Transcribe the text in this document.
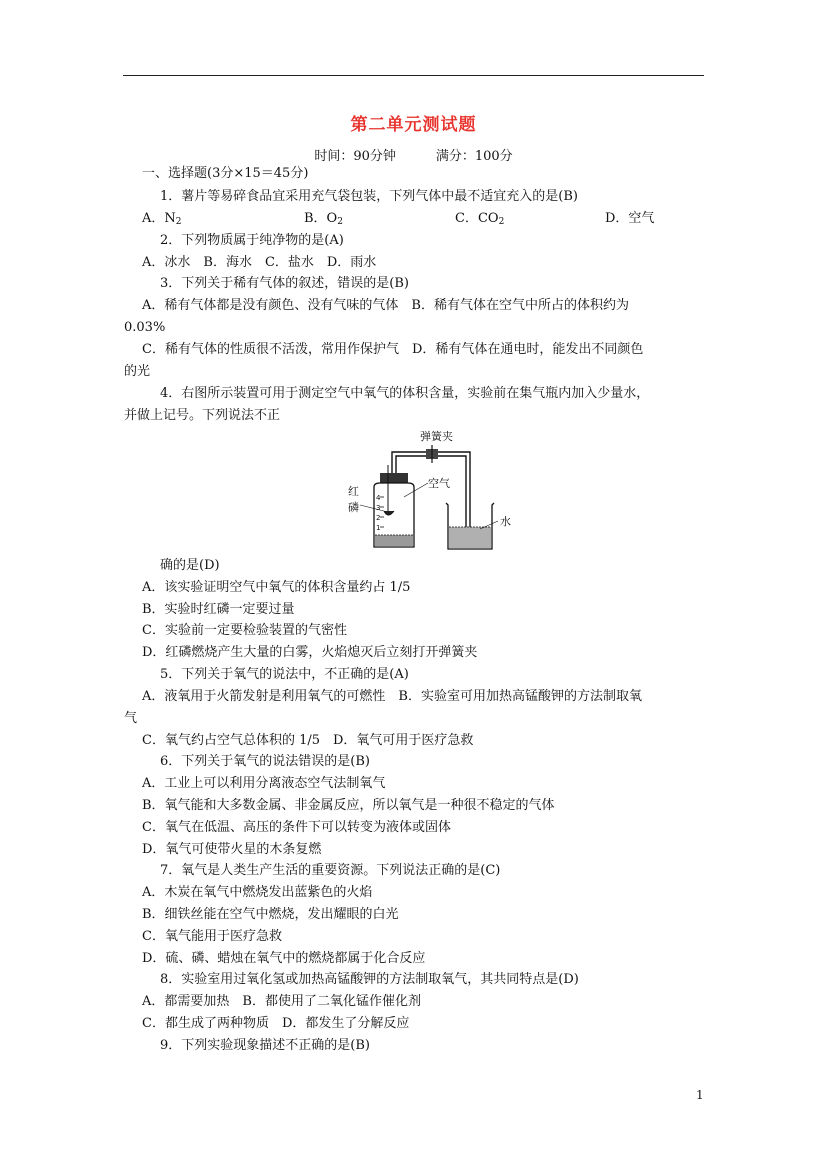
第二单元测试题
时间：90分钟	满分：100分
一、选择题(3分×15＝45分)
1．薯片等易碎食品宜采用充气袋包装，下列气体中最不适宜充入的是(B)
A．$N_2$	B．$O_2$	C．$CO_2$	D．空气
2．下列物质属于纯净物的是(A)
A．冰水　B．海水　C．盐水　D．雨水
3．下列关于稀有气体的叙述，错误的是(B)
A．稀有气体都是没有颜色、没有气味的气体　B．稀有气体在空气中所占的体积约为
0.03%
C．稀有气体的性质很不活泼，常用作保护气　D．稀有气体在通电时，能发出不同颜色
的光
4．右图所示装置可用于测定空气中氧气的体积含量，实验前在集气瓶内加入少量水，
并做上记号。下列说法不正
弹簧夹
4
3
2
1
红
磷
空气
水
确的是(D)
A．该实验证明空气中氧气的体积含量约占 1/5
B．实验时红磷一定要过量
C．实验前一定要检验装置的气密性
D．红磷燃烧产生大量的白雾，火焰熄灭后立刻打开弹簧夹
5．下列关于氧气的说法中，不正确的是(A)
A．液氧用于火箭发射是利用氧气的可燃性　B．实验室可用加热高锰酸钾的方法制取氧
气
C．氧气约占空气总体积的 1/5　D．氧气可用于医疗急救
6．下列关于氧气的说法错误的是(B)
A．工业上可以利用分离液态空气法制氧气
B．氧气能和大多数金属、非金属反应，所以氧气是一种很不稳定的气体
C．氧气在低温、高压的条件下可以转变为液体或固体
D．氧气可使带火星的木条复燃
7．氧气是人类生产生活的重要资源。下列说法正确的是(C)
A．木炭在氧气中燃烧发出蓝紫色的火焰
B．细铁丝能在空气中燃烧，发出耀眼的白光
C．氧气能用于医疗急救
D．硫、磷、蜡烛在氧气中的燃烧都属于化合反应
8．实验室用过氧化氢或加热高锰酸钾的方法制取氧气，其共同特点是(D)
A．都需要加热　B．都使用了二氧化锰作催化剂
C．都生成了两种物质　D．都发生了分解反应
9．下列实验现象描述不正确的是(B)
1
